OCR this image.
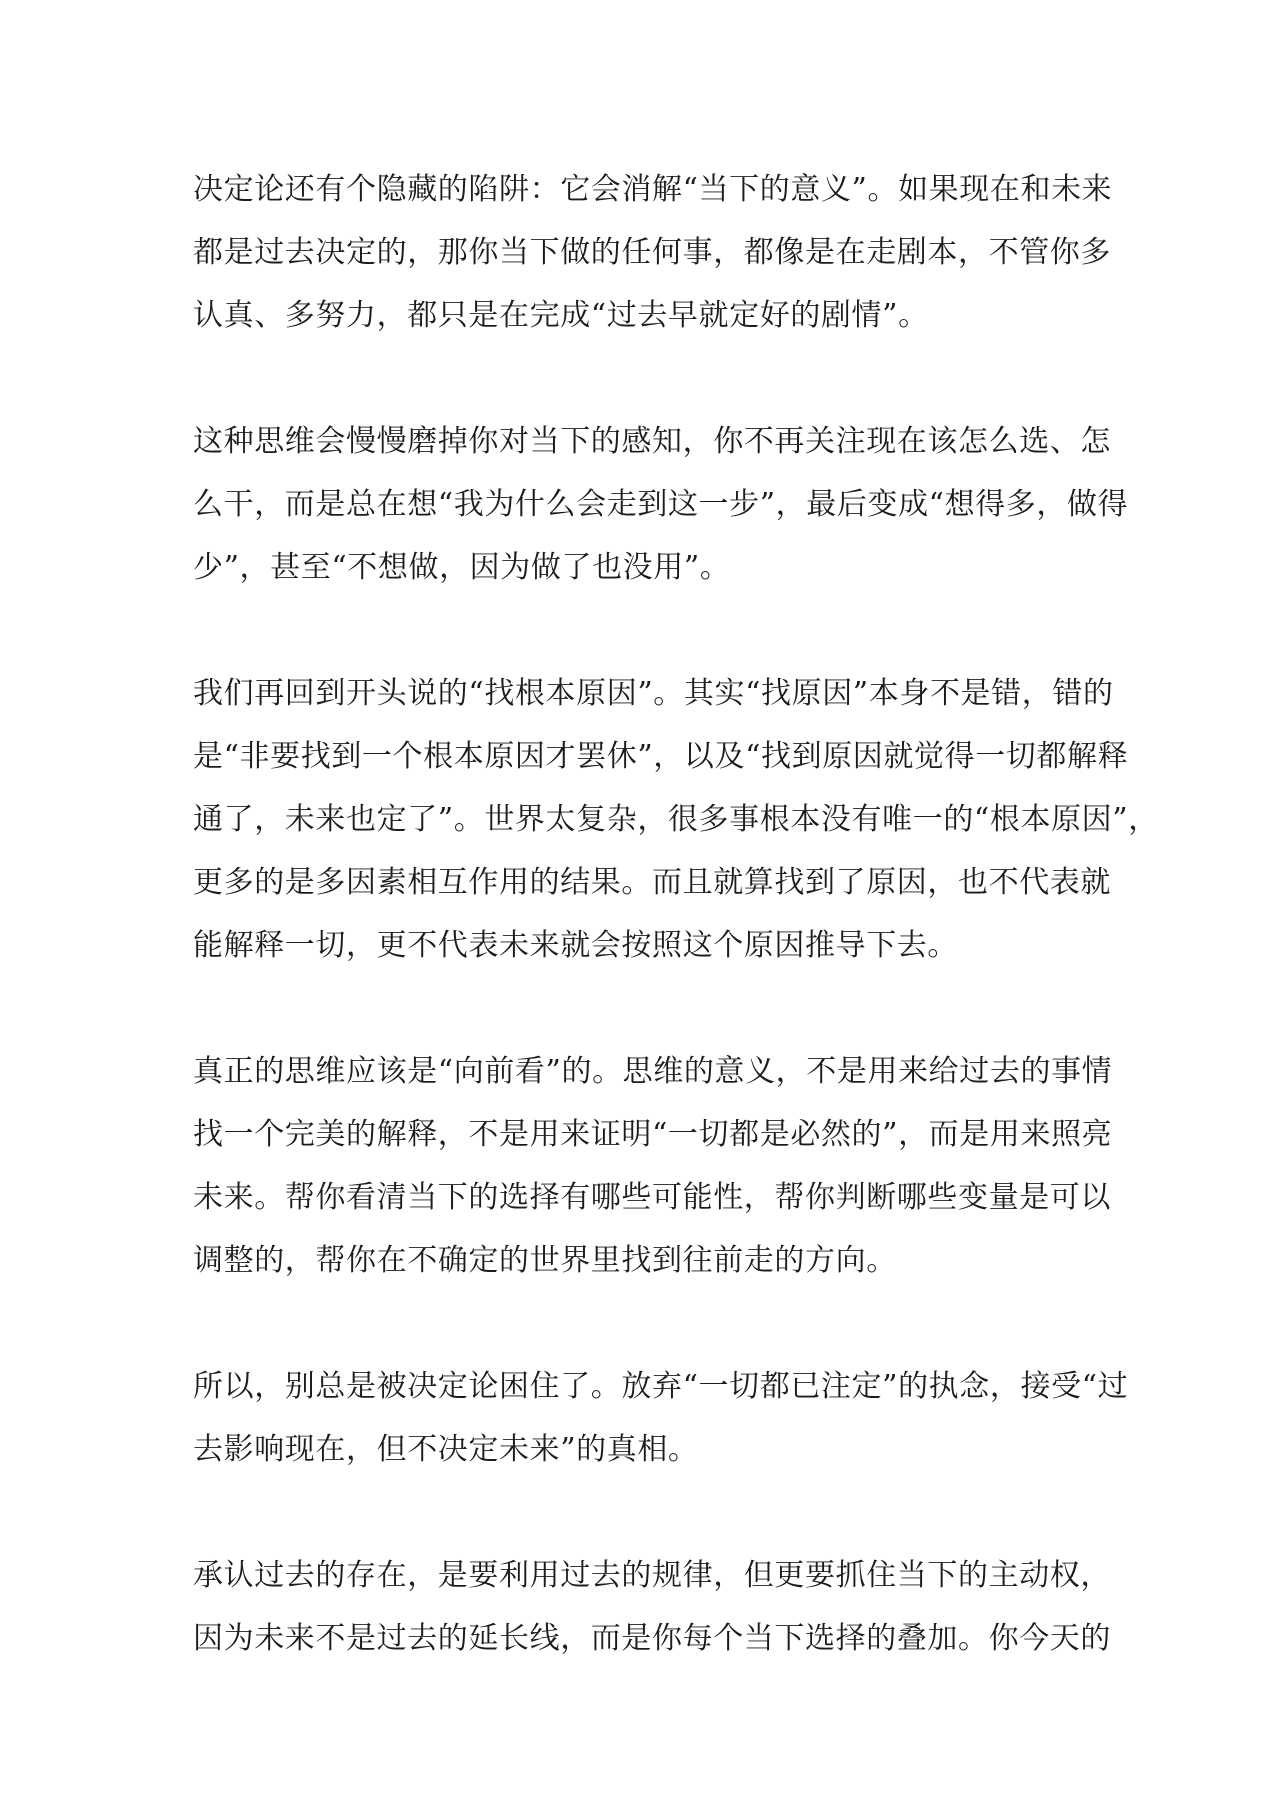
决定论还有个隐藏的陷阱：它会消解“当下的意义”。如果现在和未来
都是过去决定的，那你当下做的任何事，都像是在走剧本，不管你多
认真、多努力，都只是在完成“过去早就定好的剧情”。
这种思维会慢慢磨掉你对当下的感知，你不再关注现在该怎么选、怎
么干，而是总在想“我为什么会走到这一步”，最后变成“想得多，做得
少”，甚至“不想做，因为做了也没用”。
我们再回到开头说的“找根本原因”。其实“找原因”本身不是错，错的
是“非要找到一个根本原因才罢休”，以及“找到原因就觉得一切都解释
通了，未来也定了”。世界太复杂，很多事根本没有唯一的“根本原因”，
更多的是多因素相互作用的结果。而且就算找到了原因，也不代表就
能解释一切，更不代表未来就会按照这个原因推导下去。
真正的思维应该是“向前看”的。思维的意义，不是用来给过去的事情
找一个完美的解释，不是用来证明“一切都是必然的”，而是用来照亮
未来。帮你看清当下的选择有哪些可能性，帮你判断哪些变量是可以
调整的，帮你在不确定的世界里找到往前走的方向。
所以，别总是被决定论困住了。放弃“一切都已注定”的执念，接受“过
去影响现在，但不决定未来”的真相。
承认过去的存在，是要利用过去的规律，但更要抓住当下的主动权，
因为未来不是过去的延长线，而是你每个当下选择的叠加。你今天的
